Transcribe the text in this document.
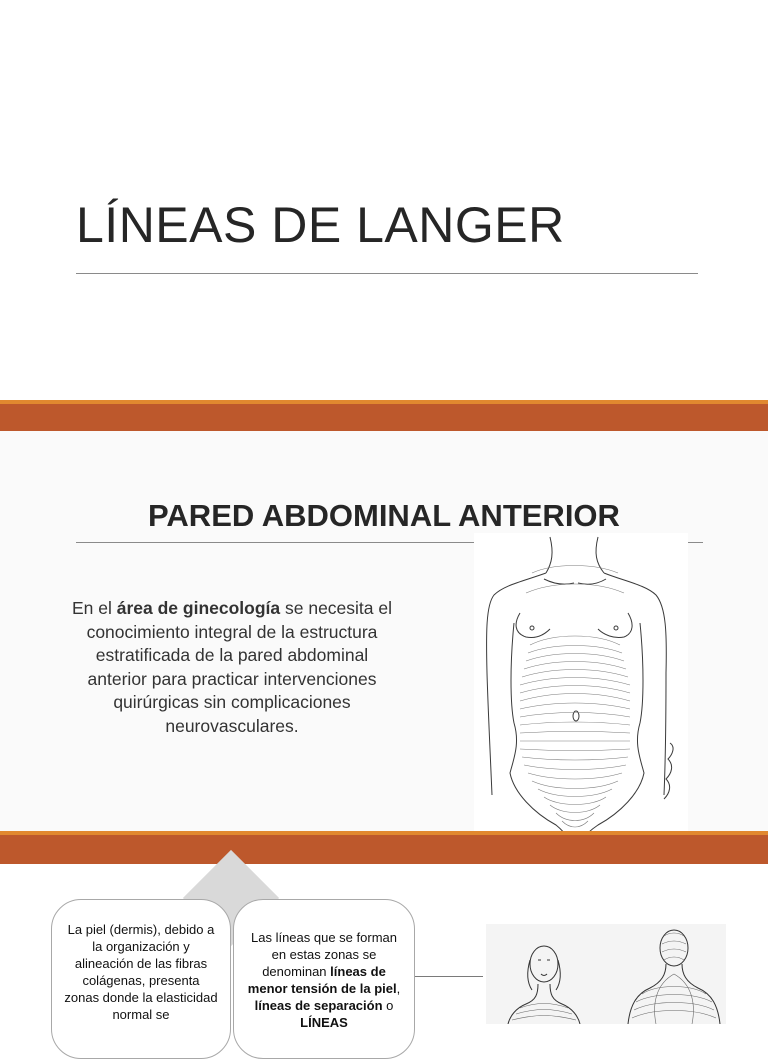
LÍNEAS DE LANGER
PARED ABDOMINAL ANTERIOR

En el área de ginecología se necesita el conocimiento integral de la estructura estratificada de la pared abdominal anterior para practicar intervenciones quirúrgicas sin complicaciones neurovasculares.

La piel (dermis), debido a la organización y alineación de las fibras colágenas, presenta zonas donde la elasticidad normal se
Las líneas que se forman en estas zonas se denominan líneas de menor tensión de la piel, líneas de separación o LÍNEAS
